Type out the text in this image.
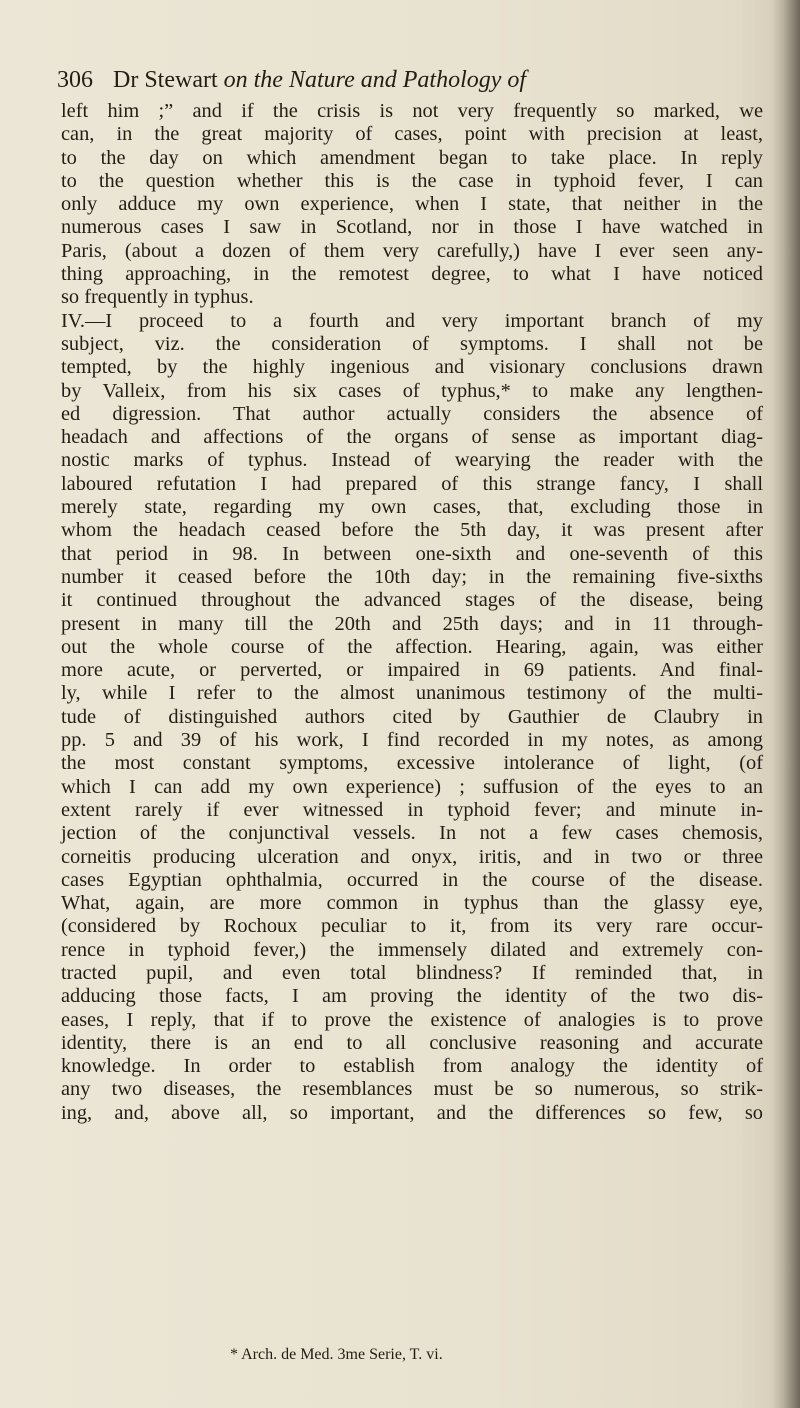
306 Dr Stewart on the Nature and Pathology of
left him ;” and if the crisis is not very frequently so marked, we
can, in the great majority of cases, point with precision at least,
to the day on which amendment began to take place. In reply
to the question whether this is the case in typhoid fever, I can
only adduce my own experience, when I state, that neither in the
numerous cases I saw in Scotland, nor in those I have watched in
Paris, (about a dozen of them very carefully,) have I ever seen any-
thing approaching, in the remotest degree, to what I have noticed
so frequently in typhus.
IV.—I proceed to a fourth and very important branch of my
subject, viz. the consideration of symptoms. I shall not be
tempted, by the highly ingenious and visionary conclusions drawn
by Valleix, from his six cases of typhus,* to make any lengthen-
ed digression. That author actually considers the absence of
headach and affections of the organs of sense as important diag-
nostic marks of typhus. Instead of wearying the reader with the
laboured refutation I had prepared of this strange fancy, I shall
merely state, regarding my own cases, that, excluding those in
whom the headach ceased before the 5th day, it was present after
that period in 98. In between one-sixth and one-seventh of this
number it ceased before the 10th day; in the remaining five-sixths
it continued throughout the advanced stages of the disease, being
present in many till the 20th and 25th days; and in 11 through-
out the whole course of the affection. Hearing, again, was either
more acute, or perverted, or impaired in 69 patients. And final-
ly, while I refer to the almost unanimous testimony of the multi-
tude of distinguished authors cited by Gauthier de Claubry in
pp. 5 and 39 of his work, I find recorded in my notes, as among
the most constant symptoms, excessive intolerance of light, (of
which I can add my own experience) ; suffusion of the eyes to an
extent rarely if ever witnessed in typhoid fever; and minute in-
jection of the conjunctival vessels. In not a few cases chemosis,
corneitis producing ulceration and onyx, iritis, and in two or three
cases Egyptian ophthalmia, occurred in the course of the disease.
What, again, are more common in typhus than the glassy eye,
(considered by Rochoux peculiar to it, from its very rare occur-
rence in typhoid fever,) the immensely dilated and extremely con-
tracted pupil, and even total blindness? If reminded that, in
adducing those facts, I am proving the identity of the two dis-
eases, I reply, that if to prove the existence of analogies is to prove
identity, there is an end to all conclusive reasoning and accurate
knowledge. In order to establish from analogy the identity of
any two diseases, the resemblances must be so numerous, so strik-
ing, and, above all, so important, and the differences so few, so
* Arch. de Med. 3me Serie, T. vi.
